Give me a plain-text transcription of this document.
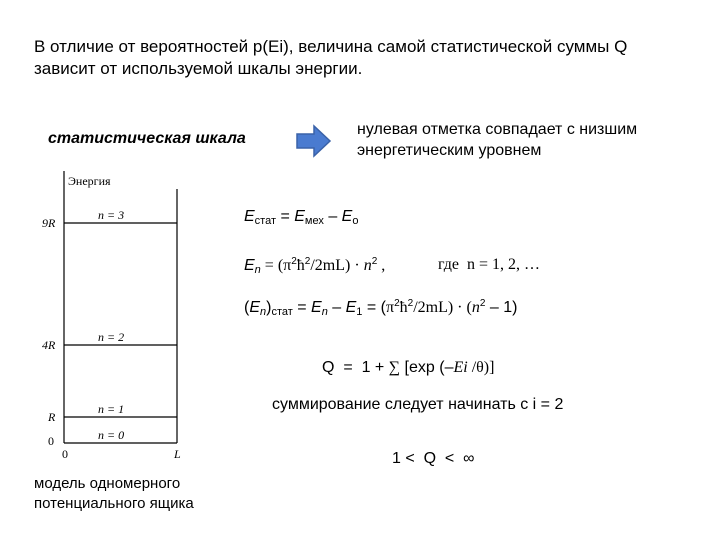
В отличие от вероятностей p(Ei), величина самой статистической суммы Q
зависит от используемой шкалы энергии.
статистическая шкала
нулевая отметка совпадает с низшим энергетическим уровнем
Энергия
9R
4R
R
0
n = 3
n = 2
n = 1
n = 0
0	L
$E_{стат} = E_{мех} - E_o$
$E_n$ = $(\pi^2ħ^2/2mL) \cdot n^2$ ,	где  n = 1, 2, …
$(E_n)_{стат} = E_n - E_1$ = $(\pi^2ħ^2/2mL) \cdot (n^2 - 1)$
Q  =  1 + ∑ [exp (–Ei /θ)]
суммирование следует начинать с i = 2
1 <  Q  <  ∞
модель одномерного потенциального ящика
